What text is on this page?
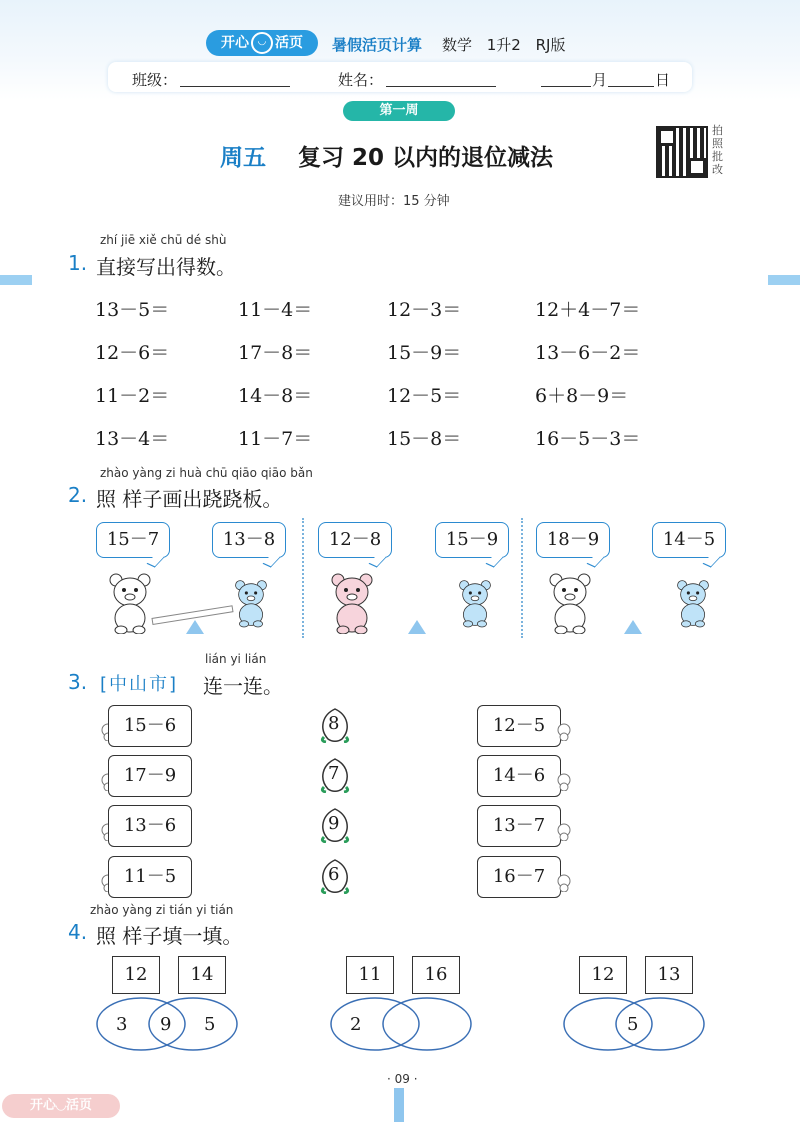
开心 ◡ 活页	暑假活页计算 数学 1升2 RJ版
班级：	姓名：	月	日
第一周
周五 复习 20 以内的退位减法
建议用时：15 分钟
拍照批改
zhí jiē xiě chū dé shù
1. 直接写出得数。
zhào yàng zi huà chū qiāo qiāo bǎn
2. 照 样子画出跷跷板。
3. [中山市]
lián yi lián
连一连。
zhào yàng zi tián yi tián
4. 照 样子填一填。
· 09 ·
开心◡活页
13－5＝	11－4＝	12－3＝	12＋4－7＝
12－6＝	17－8＝	15－9＝	13－6－2＝
11－2＝	14－8＝	12－5＝	6＋8－9＝
13－4＝	11－7＝	15－8＝	16－5－3＝
15－7	13－8	12－8	15－9	18－9	14－5
15－6	8	12－5
17－9	7	14－6
13－6	9	13－7
11－5	6	16－7
12	14
3 9 5
11	16
2
12	13
5
